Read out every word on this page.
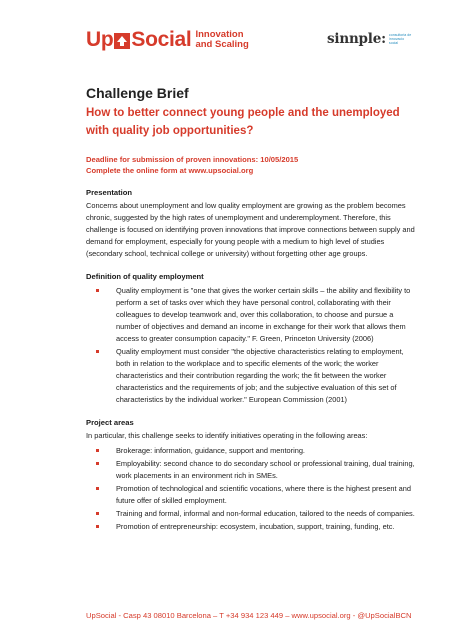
Up Social Innovation
and Scaling	sinnple: consultoria de
innovacio
social
Challenge Brief
How to better connect young people and the unemployed with quality job opportunities?
Deadline for submission of proven innovations: 10/05/2015
Complete the online form at www.upsocial.org
Presentation
Concerns about unemployment and low quality employment are growing as the problem becomes chronic, suggested by the high rates of unemployment and underemployment. Therefore, this challenge is focused on identifying proven innovations that improve connections between supply and demand for employment, especially for young people with a medium to high level of studies (secondary school, technical college or university) without forgetting other age groups.
Definition of quality employment
Quality employment is "one that gives the worker certain skills – the ability and flexibility to perform a set of tasks over which they have personal control, collaborating with their colleagues to develop teamwork and, over this collaboration, to choose and pursue a number of objectives and demand an income in exchange for their work that allows them access to greater consumption capacity." F. Green, Princeton University (2006)
Quality employment must consider "the objective characteristics relating to employment, both in relation to the workplace and to specific elements of the work; the worker characteristics and their contribution regarding the work; the fit between the worker characteristics and the requirements of job; and the subjective evaluation of this set of characteristics by the individual worker." European Commission (2001)
Project areas
In particular, this challenge seeks to identify initiatives operating in the following areas:
Brokerage: information, guidance, support and mentoring.
Employability: second chance to do secondary school or professional training, dual training, work placements in an environment rich in SMEs.
Promotion of technological and scientific vocations, where there is the highest present and future offer of skilled employment.
Training and formal, informal and non-formal education, tailored to the needs of companies.
Promotion of entrepreneurship: ecosystem, incubation, support, training, funding, etc.
UpSocial - Casp 43 08010 Barcelona – T +34 934 123 449 – www.upsocial.org - @UpSocialBCN
